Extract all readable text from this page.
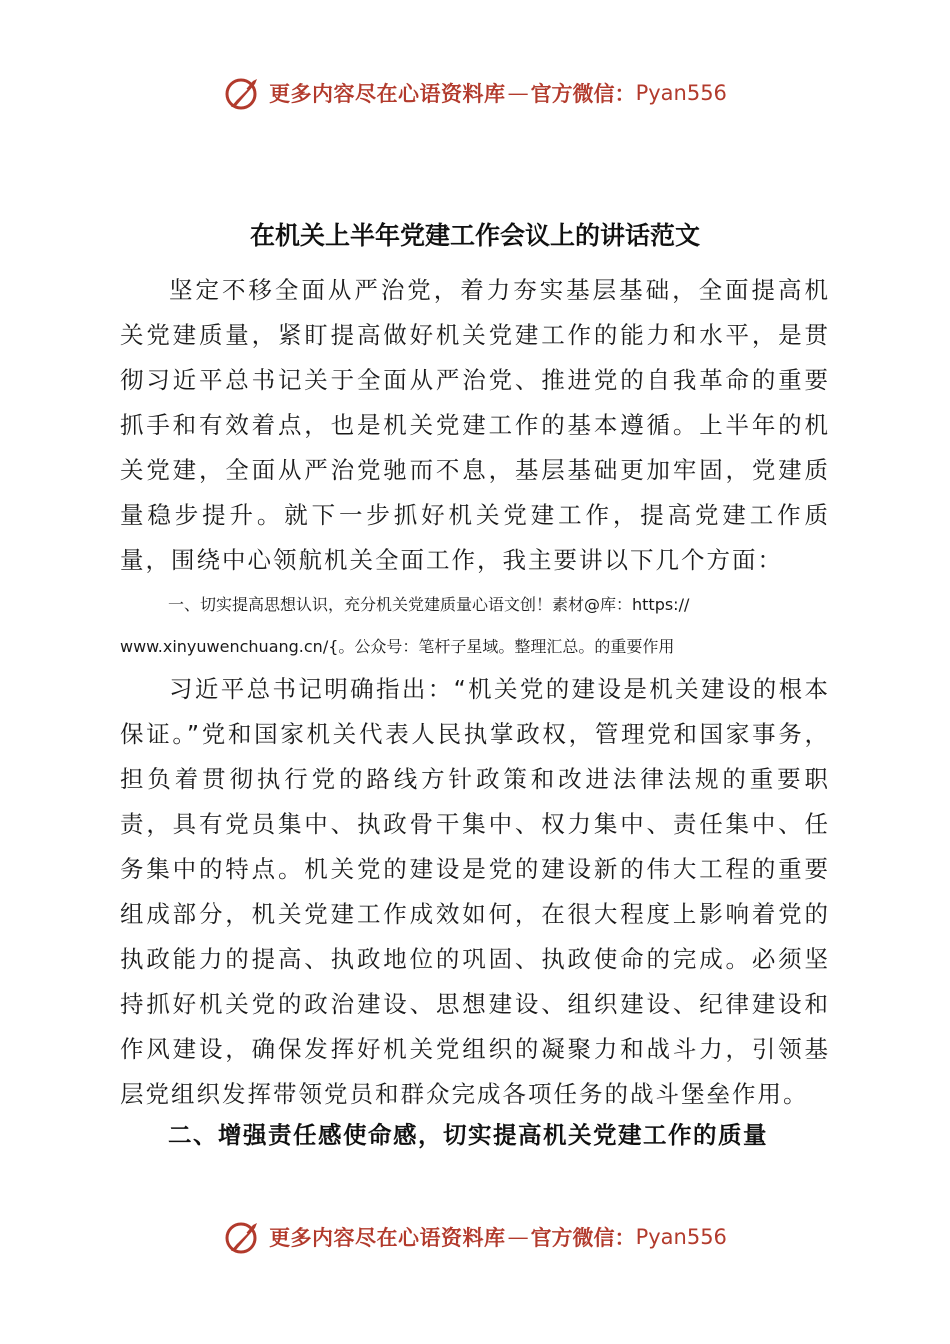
更多内容尽在心语资料库 — 官方微信： Pyan556
在机关上半年党建工作会议上的讲话范文

坚定不移全面从严治党，着力夯实基层基础，全面提高机关党建质量，紧盯提高做好机关党建工作的能力和水平，是贯彻习近平总书记关于全面从严治党、推进党的自我革命的重要抓手和有效着点，也是机关党建工作的基本遵循。上半年的机关党建，全面从严治党驰而不息，基层基础更加牢固，党建质量稳步提升。就下一步抓好机关党建工作，提高党建工作质量，围绕中心领航机关全面工作，我主要讲以下几个方面：

一、切实提高思想认识，充分机关党建质量心语文创！素材@库：https://
www.xinyuwenchuang.cn/{。公众号：笔杆子星域。整理汇总。的重要作用

习近平总书记明确指出：“机关党的建设是机关建设的根本保证。”党和国家机关代表人民执掌政权，管理党和国家事务，担负着贯彻执行党的路线方针政策和改进法律法规的重要职责，具有党员集中、执政骨干集中、权力集中、责任集中、任务集中的特点。机关党的建设是党的建设新的伟大工程的重要组成部分，机关党建工作成效如何，在很大程度上影响着党的执政能力的提高、执政地位的巩固、执政使命的完成。必须坚持抓好机关党的政治建设、思想建设、组织建设、纪律建设和作风建设，确保发挥好机关党组织的凝聚力和战斗力，引领基层党组织发挥带领党员和群众完成各项任务的战斗堡垒作用。

二、增强责任感使命感，切实提高机关党建工作的质量
更多内容尽在心语资料库 — 官方微信： Pyan556
